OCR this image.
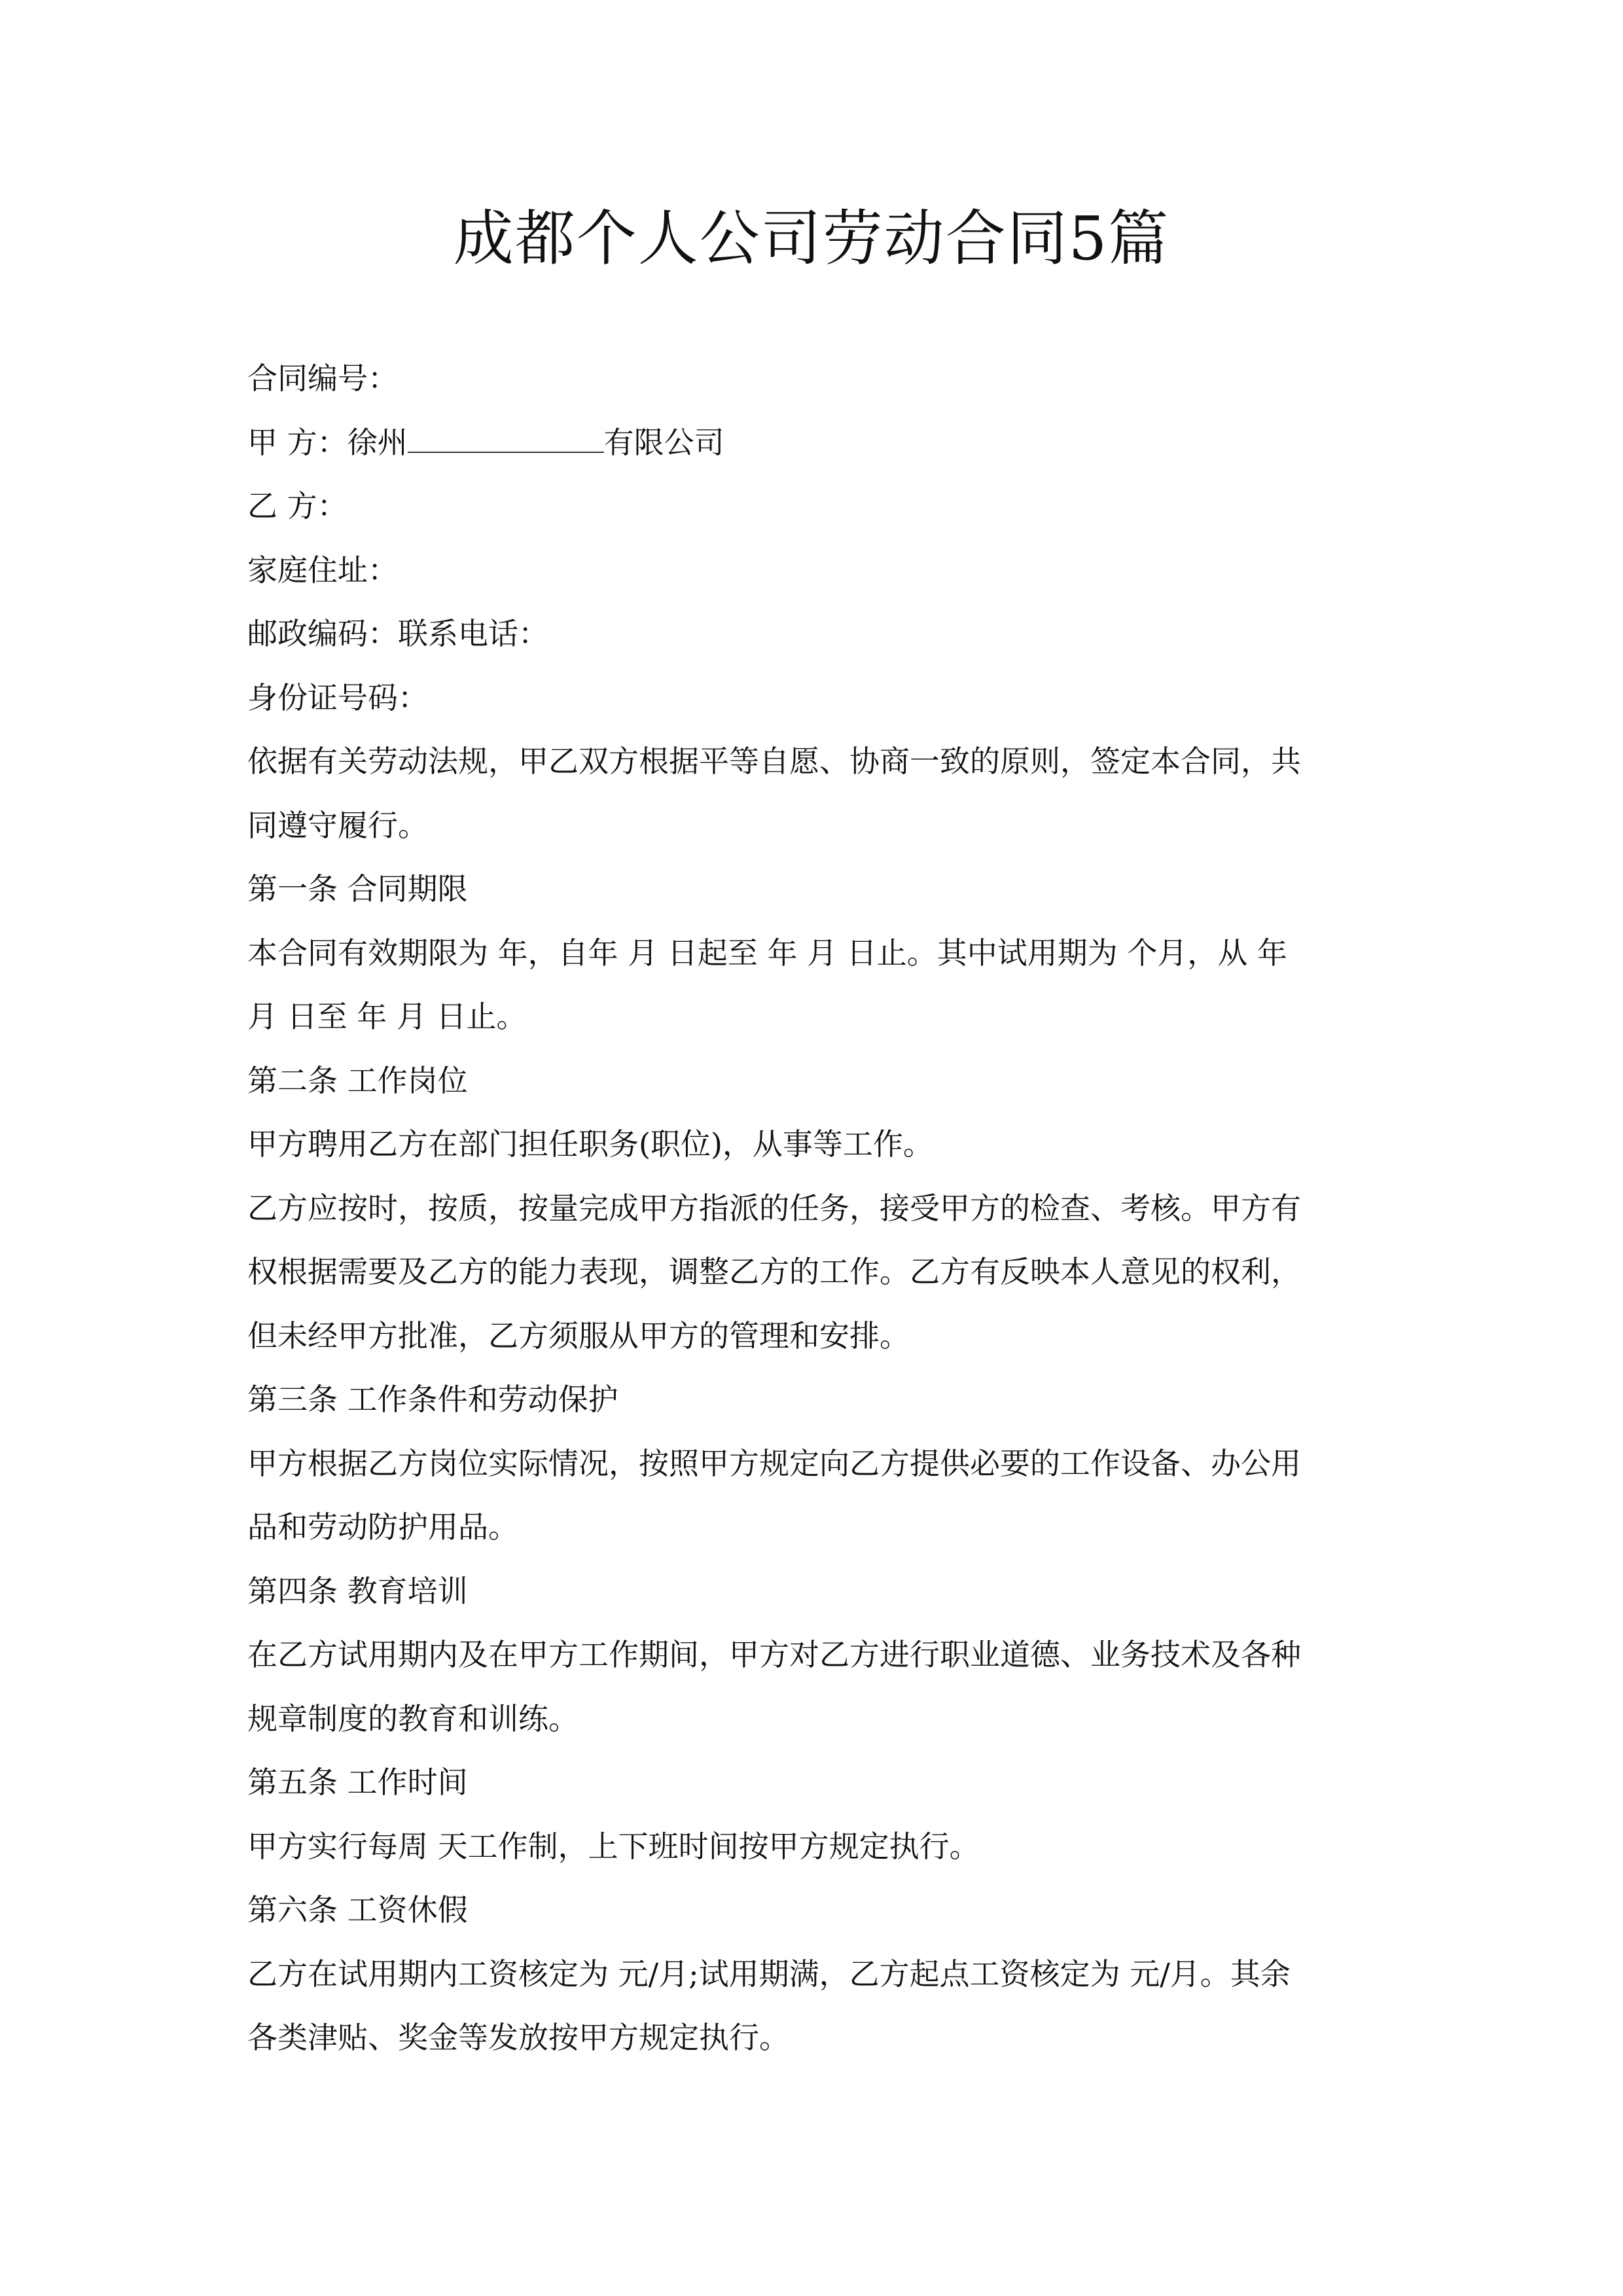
成都个人公司劳动合同5篇

合同编号：

甲 方：徐州	有限公司

乙 方：

家庭住址：

邮政编码：联系电话：

身份证号码：

依据有关劳动法规，甲乙双方根据平等自愿、协商一致的原则，签定本合同，共

同遵守履行。

第一条 合同期限

本合同有效期限为 年，自年 月 日起至 年 月 日止。其中试用期为 个月，从 年

月 日至 年 月 日止。

第二条 工作岗位

甲方聘用乙方在部门担任职务(职位)，从事等工作。

乙方应按时，按质，按量完成甲方指派的任务，接受甲方的检查、考核。甲方有

权根据需要及乙方的能力表现，调整乙方的工作。乙方有反映本人意见的权利，

但未经甲方批准，乙方须服从甲方的管理和安排。

第三条 工作条件和劳动保护

甲方根据乙方岗位实际情况，按照甲方规定向乙方提供必要的工作设备、办公用

品和劳动防护用品。

第四条 教育培训

在乙方试用期内及在甲方工作期间，甲方对乙方进行职业道德、业务技术及各种

规章制度的教育和训练。

第五条 工作时间

甲方实行每周 天工作制，上下班时间按甲方规定执行。

第六条 工资休假

乙方在试用期内工资核定为 元/月;试用期满，乙方起点工资核定为 元/月。其余

各类津贴、奖金等发放按甲方规定执行。
